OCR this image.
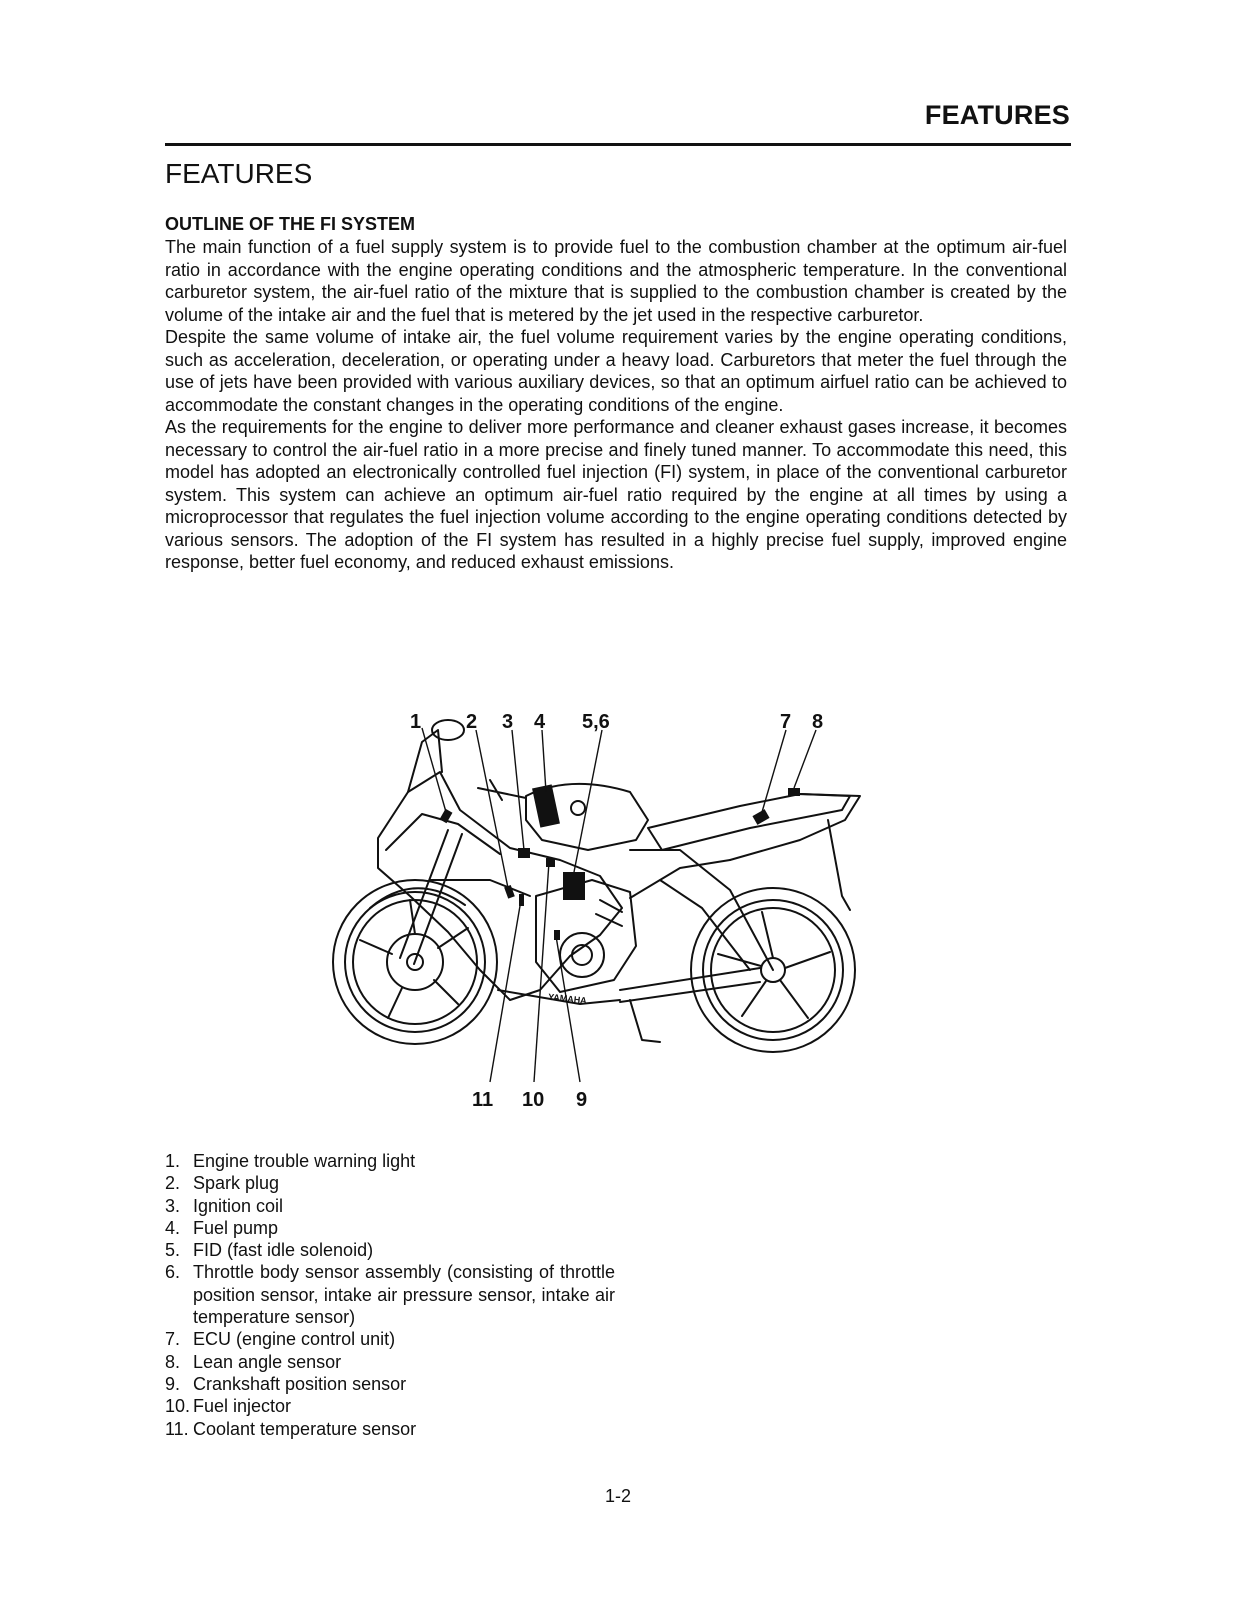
FEATURES
FEATURES
OUTLINE OF THE FI SYSTEM

The main function of a fuel supply system is to provide fuel to the combustion chamber at the optimum air-fuel ratio in accordance with the engine operating conditions and the atmospheric temperature. In the conventional carburetor system, the air-fuel ratio of the mixture that is supplied to the combustion chamber is created by the volume of the intake air and the fuel that is metered by the jet used in the respective carburetor.

Despite the same volume of intake air, the fuel volume requirement varies by the engine operating conditions, such as acceleration, deceleration, or operating under a heavy load. Carburetors that meter the fuel through the use of jets have been provided with various auxiliary devices, so that an optimum airfuel ratio can be achieved to accommodate the constant changes in the operating conditions of the engine.

As the requirements for the engine to deliver more performance and cleaner exhaust gases increase, it becomes necessary to control the air-fuel ratio in a more precise and finely tuned manner. To accommodate this need, this model has adopted an electronically controlled fuel injection (FI) system, in place of the conventional carburetor system. This system can achieve an optimum air-fuel ratio required by the engine at all times by using a microprocessor that regulates the fuel injection volume according to the engine operating conditions detected by various sensors. The adoption of the FI system has resulted in a highly precise fuel supply, improved engine response, better fuel economy, and reduced exhaust emissions.

1 2 3 4 5,6	7 8
11 10 9
YAMAHA
1. Engine trouble warning light
2. Spark plug
3. Ignition coil
4. Fuel pump
5. FID (fast idle solenoid)
6. Throttle body sensor assembly (consisting of throttle position sensor, intake air pressure sensor, intake air temperature sensor)
7. ECU (engine control unit)
8. Lean angle sensor
9. Crankshaft position sensor
10. Fuel injector
11. Coolant temperature sensor
1-2
